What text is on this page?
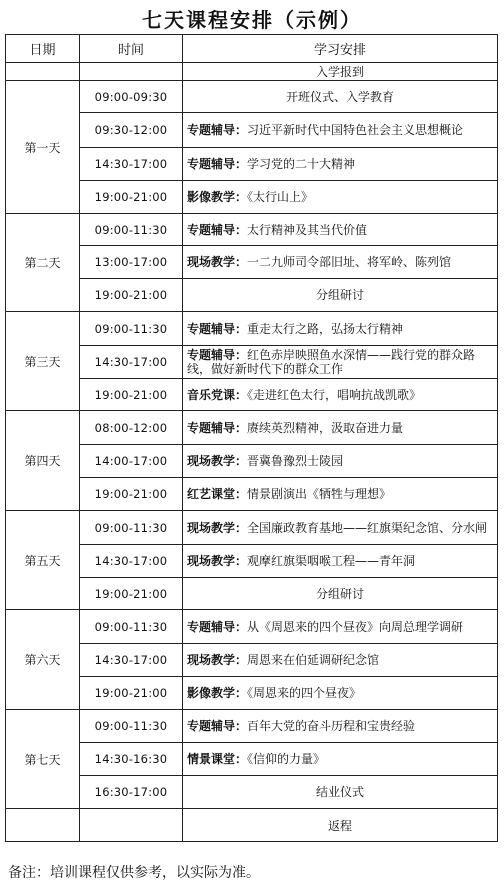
七天课程安排（示例）
日期	时间	学习安排
		入学报到
第一天	09:00-09:30	开班仪式、入学教育
	09:30-12:00	专题辅导：习近平新时代中国特色社会主义思想概论
	14:30-17:00	专题辅导：学习党的二十大精神
	19:00-21:00	影像教学：《太行山上》
第二天	09:00-11:30	专题辅导：太行精神及其当代价值
	13:00-17:00	现场教学：一二九师司令部旧址、将军岭、陈列馆
	19:00-21:00	分组研讨
第三天	09:00-11:30	专题辅导：重走太行之路，弘扬太行精神
	14:30-17:00	专题辅导：红色赤岸映照鱼水深情——践行党的群众路线，做好新时代下的群众工作
	19:00-21:00	音乐党课：《走进红色太行，唱响抗战凯歌》
第四天	08:00-12:00	专题辅导：赓续英烈精神，汲取奋进力量
	14:00-17:00	现场教学：晋冀鲁豫烈士陵园
	19:00-21:00	红艺课堂：情景剧演出《牺牲与理想》
第五天	09:00-11:30	现场教学：全国廉政教育基地——红旗渠纪念馆、分水闸
	14:30-17:00	现场教学：观摩红旗渠咽喉工程——青年洞
	19:00-21:00	分组研讨
第六天	09:00-11:30	专题辅导：从《周恩来的四个昼夜》向周总理学调研
	14:30-17:00	现场教学：周恩来在伯延调研纪念馆
	19:00-21:00	影像教学：《周恩来的四个昼夜》
第七天	09:00-11:30	专题辅导：百年大党的奋斗历程和宝贵经验
	14:30-16:30	情景课堂：《信仰的力量》
	16:30-17:00	结业仪式
		返程
备注：培训课程仅供参考，以实际为准。
